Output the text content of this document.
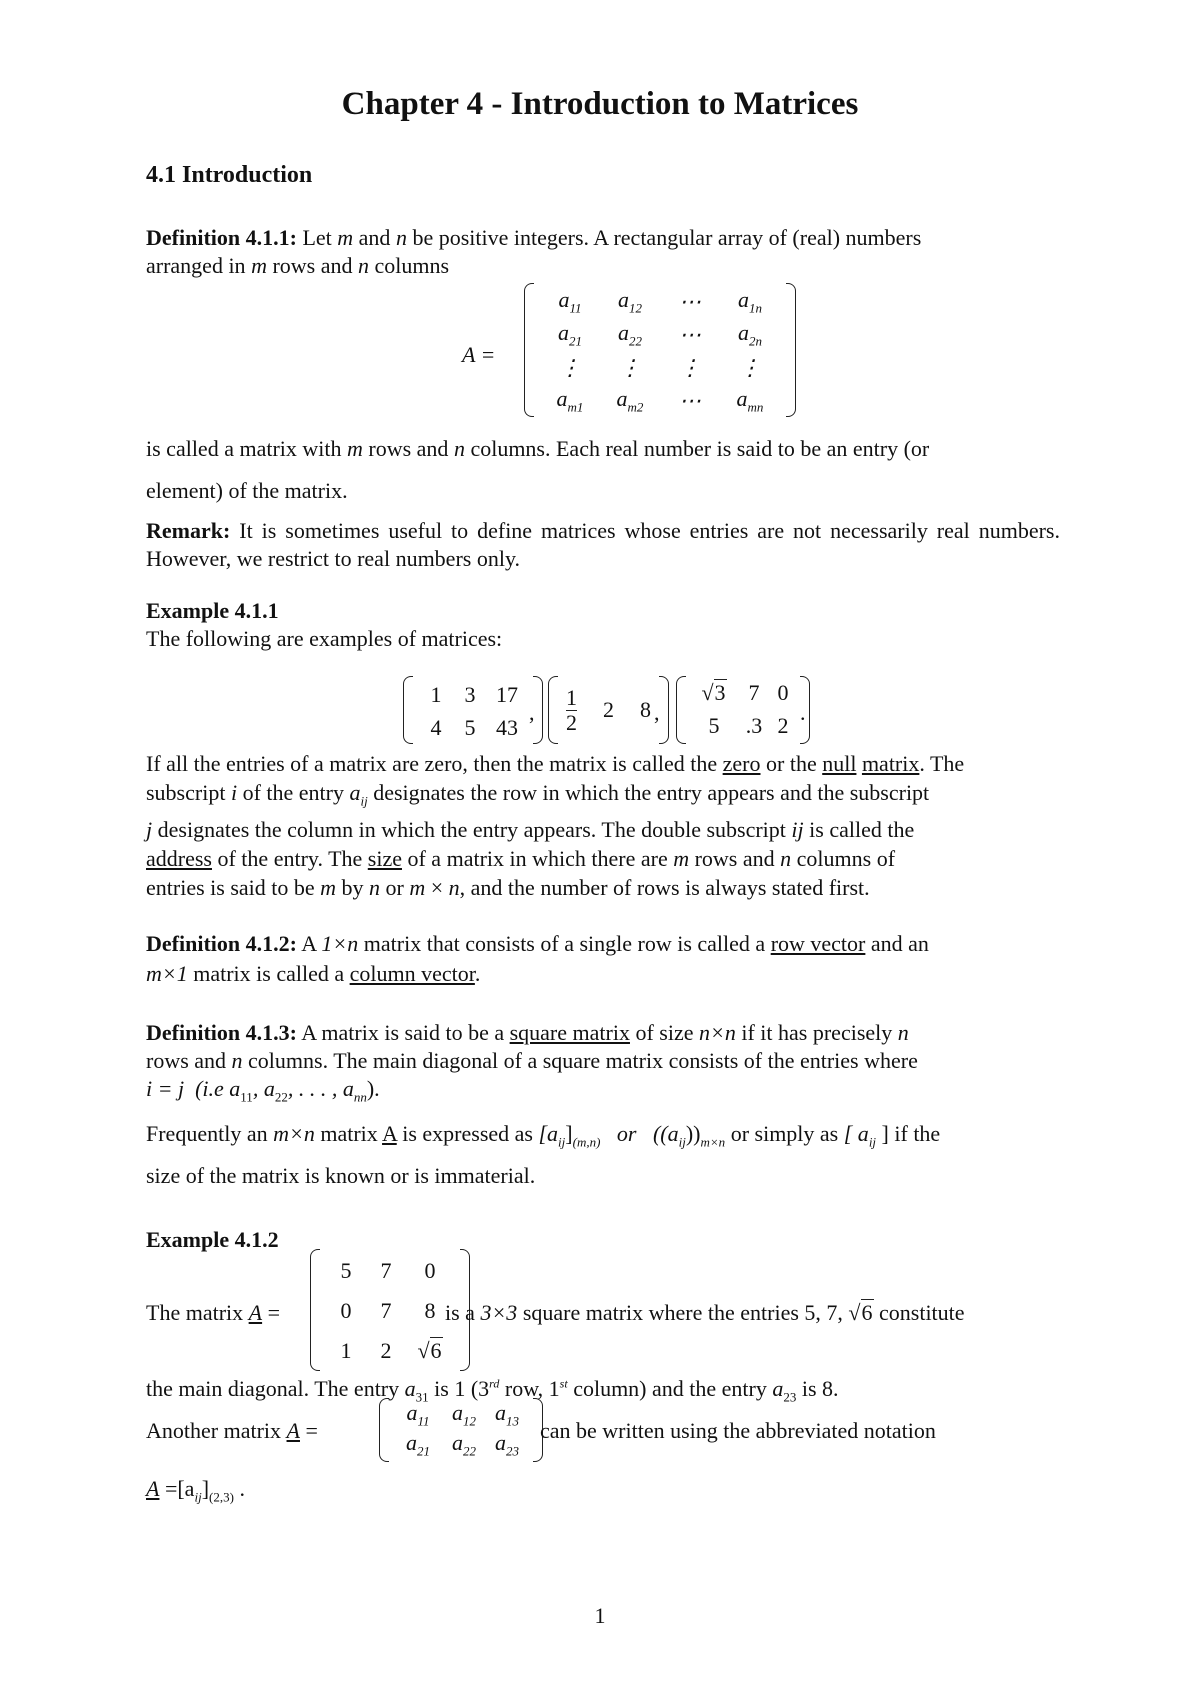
Chapter 4 - Introduction to Matrices
4.1 Introduction
Definition 4.1.1: Let m and n be positive integers. A rectangular array of (real) numbers
arranged in m rows and n columns
A =
$a_{11}$ $a_{12}$ ⋯ $a_{1n}$
$a_{21}$ $a_{22}$ ⋯ $a_{2n}$
⋮ ⋮ ⋮ ⋮
$a_{m1}$ $a_{m2}$ ⋯ $a_{mn}$
is called a matrix with m rows and n columns. Each real number is said to be an entry (or
element) of the matrix.
Remark: It is sometimes useful to define matrices whose entries are not necessarily real numbers. However, we restrict to real numbers only.
Example 4.1.1
The following are examples of matrices:
1 3 17
4 5 43
, $\frac{1}{2} 2$ 8 ,
√3 7 0
5 .3 2 .
If all the entries of a matrix are zero, then the matrix is called the zero or the null matrix. The
subscript i of the entry $a_{ij}$ designates the row in which the entry appears and the subscript
j designates the column in which the entry appears. The double subscript ij is called the
address of the entry. The size of a matrix in which there are m rows and n columns of
entries is said to be m by n or m × n, and the number of rows is always stated first.
Definition 4.1.2: A 1×n matrix that consists of a single row is called a row vector and an
m×1 matrix is called a column vector.
Definition 4.1.3: A matrix is said to be a square matrix of size n×n if it has precisely n
rows and n columns. The main diagonal of a square matrix consists of the entries where
i = j (i.e $a_{11}$, $a_{22}$, . . . , $a_{nn}$).
Frequently an m×n matrix A is expressed as $[a_{ij}]_{(m,n)}$ or $((a_{ij}))_{m\times n}$ or simply as [ $a_{ij}$ ] if the
size of the matrix is known or is immaterial.
Example 4.1.2
The matrix A =
5 7 0
0 7 8
1 2 √6
is a 3×3 square matrix where the entries 5, 7, √6 constitute
the main diagonal. The entry $a_{31}$ is 1 (3rd row, 1st column) and the entry $a_{23}$ is 8.
Another matrix A =
$a_{11}$ $a_{12}$ $a_{13}$
$a_{21}$ $a_{22}$ $a_{23}$
can be written using the abbreviated notation
$A =[a_{ij}]_{(2,3)}$ .
1
